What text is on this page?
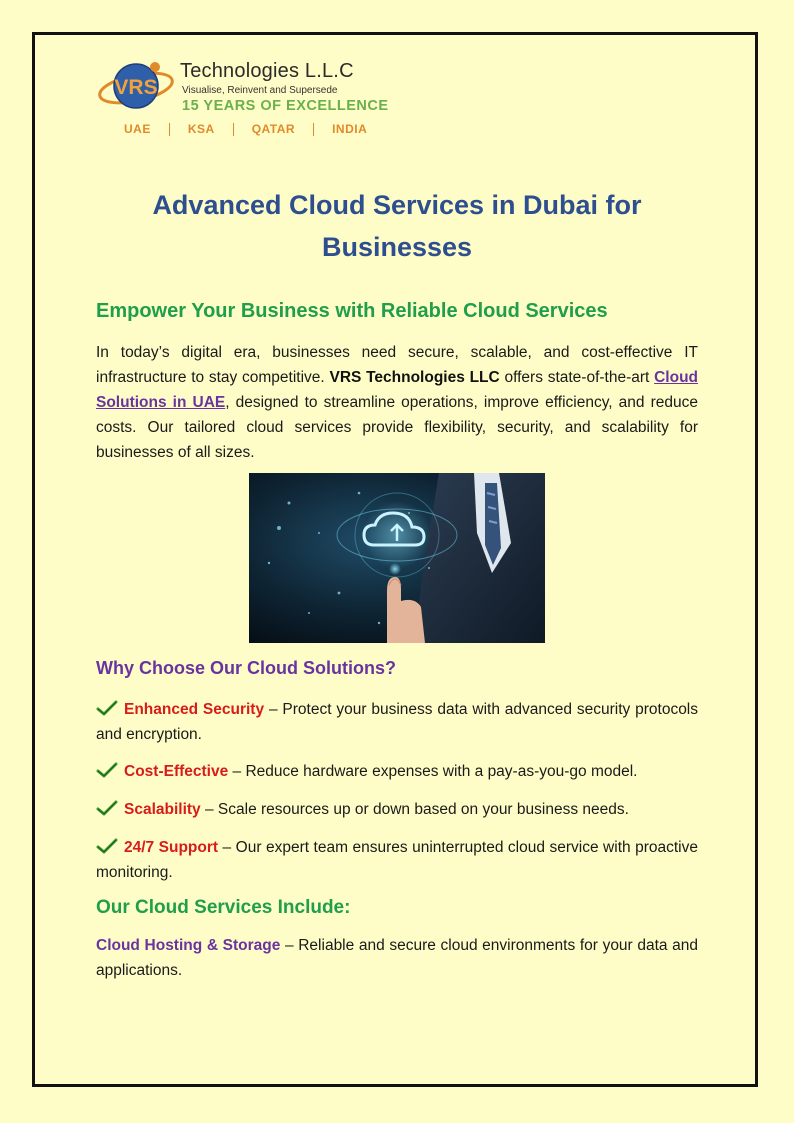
VRS
Technologies L.L.C
Visualise, Reinvent and Supersede
15 YEARS OF EXCELLENCE
UAE	KSA	QATAR	INDIA
Advanced Cloud Services in Dubai for Businesses
Empower Your Business with Reliable Cloud Services
In today’s digital era, businesses need secure, scalable, and cost-effective IT infrastructure to stay competitive. VRS Technologies LLC offers state-of-the-art Cloud Solutions in UAE, designed to streamline operations, improve efficiency, and reduce costs. Our tailored cloud services provide flexibility, security, and scalability for businesses of all sizes.
Why Choose Our Cloud Solutions?
Enhanced Security – Protect your business data with advanced security protocols and encryption.
Cost-Effective – Reduce hardware expenses with a pay-as-you-go model.
Scalability – Scale resources up or down based on your business needs.
24/7 Support – Our expert team ensures uninterrupted cloud service with proactive monitoring.
Our Cloud Services Include:
Cloud Hosting & Storage – Reliable and secure cloud environments for your data and applications.
